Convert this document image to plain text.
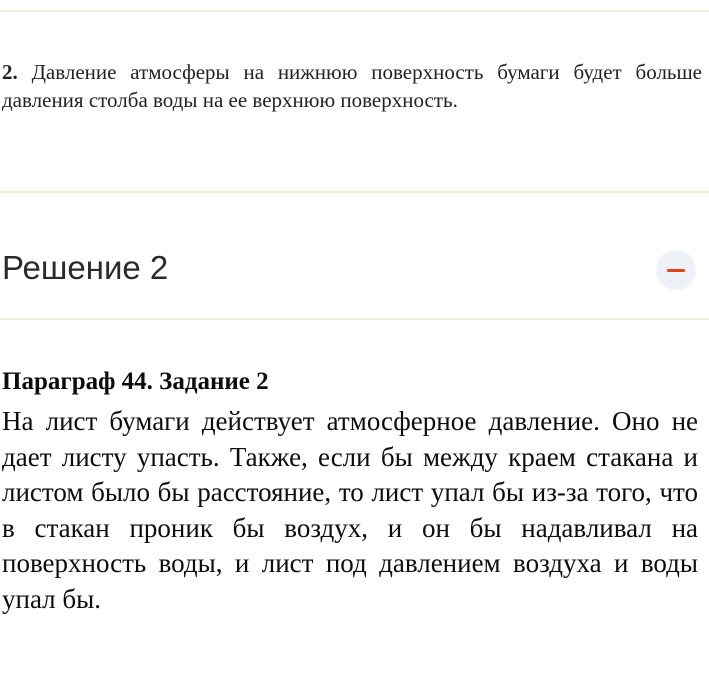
2. Давление атмосферы на нижнюю поверхность бумаги будет больше давления столба воды на ее верхнюю поверхность.

Решение 2

Параграф 44. Задание 2

На лист бумаги действует атмосферное давление. Оно не дает листу упасть. Также, если бы между краем стакана и листом было бы расстояние, то лист упал бы из-за того, что в стакан проник бы воздух, и он бы надавливал на поверхность воды, и лист под давлением воздуха и воды упал бы.
